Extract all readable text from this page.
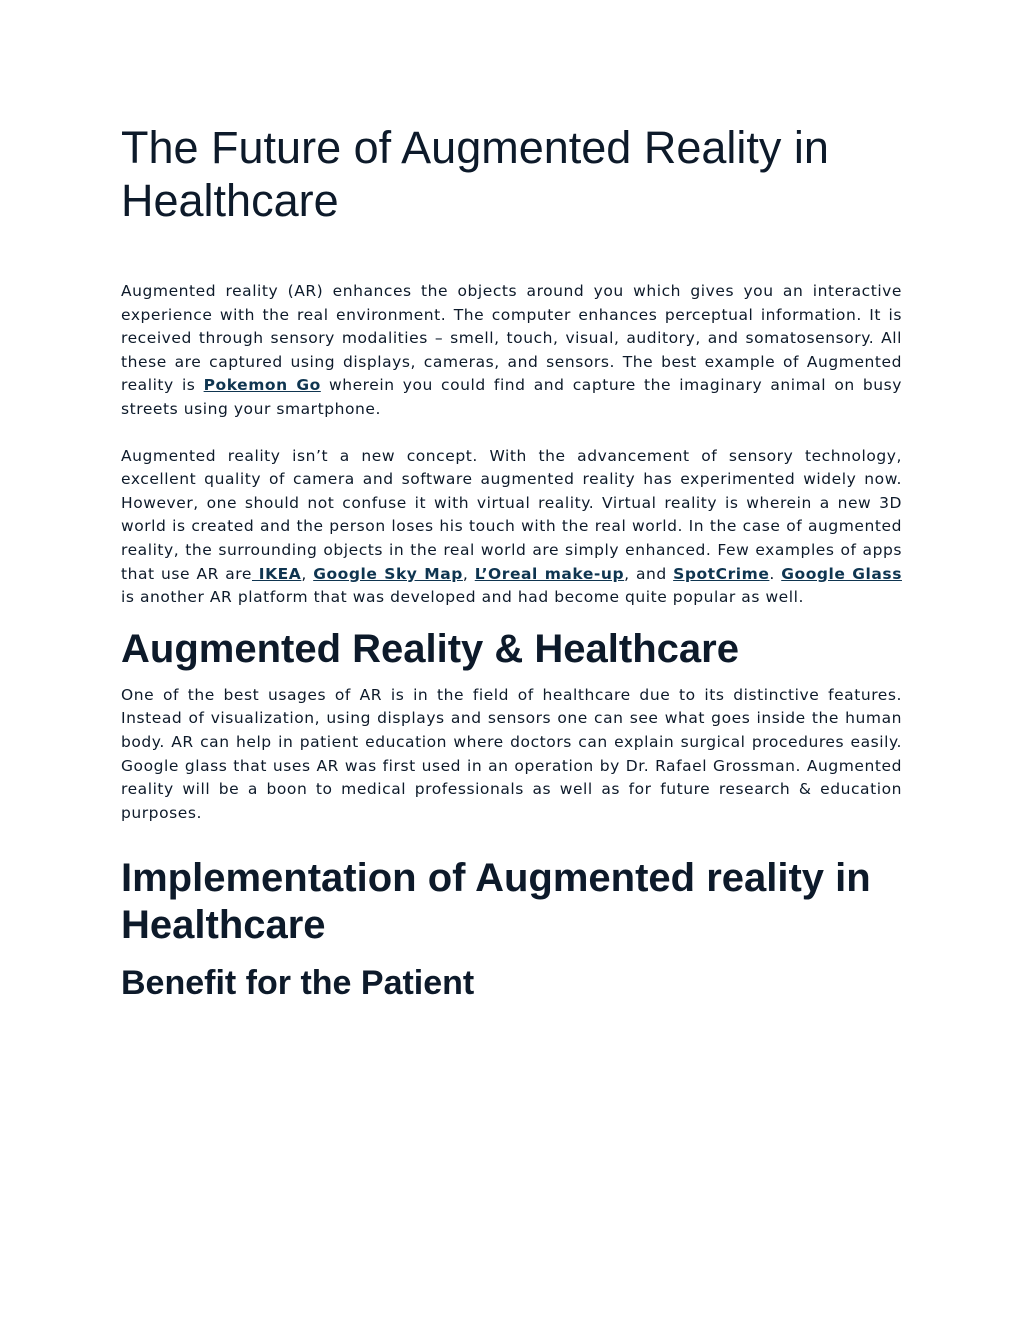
The Future of Augmented Reality in Healthcare

Augmented reality (AR) enhances the objects around you which gives you an interactive experience with the real environment. The computer enhances perceptual information. It is received through sensory modalities – smell, touch, visual, auditory, and somatosensory. All these are captured using displays, cameras, and sensors. The best example of Augmented reality is Pokemon Go wherein you could find and capture the imaginary animal on busy streets using your smartphone.

Augmented reality isn’t a new concept. With the advancement of sensory technology, excellent quality of camera and software augmented reality has experimented widely now. However, one should not confuse it with virtual reality. Virtual reality is wherein a new 3D world is created and the person loses his touch with the real world. In the case of augmented reality, the surrounding objects in the real world are simply enhanced. Few examples of apps that use AR are IKEA, Google Sky Map, L’Oreal make-up, and SpotCrime. Google Glass is another AR platform that was developed and had become quite popular as well.

Augmented Reality & Healthcare

One of the best usages of AR is in the field of healthcare due to its distinctive features. Instead of visualization, using displays and sensors one can see what goes inside the human body. AR can help in patient education where doctors can explain surgical procedures easily. Google glass that uses AR was first used in an operation by Dr. Rafael Grossman. Augmented reality will be a boon to medical professionals as well as for future research & education purposes.

Implementation of Augmented reality in Healthcare
Benefit for the Patient
